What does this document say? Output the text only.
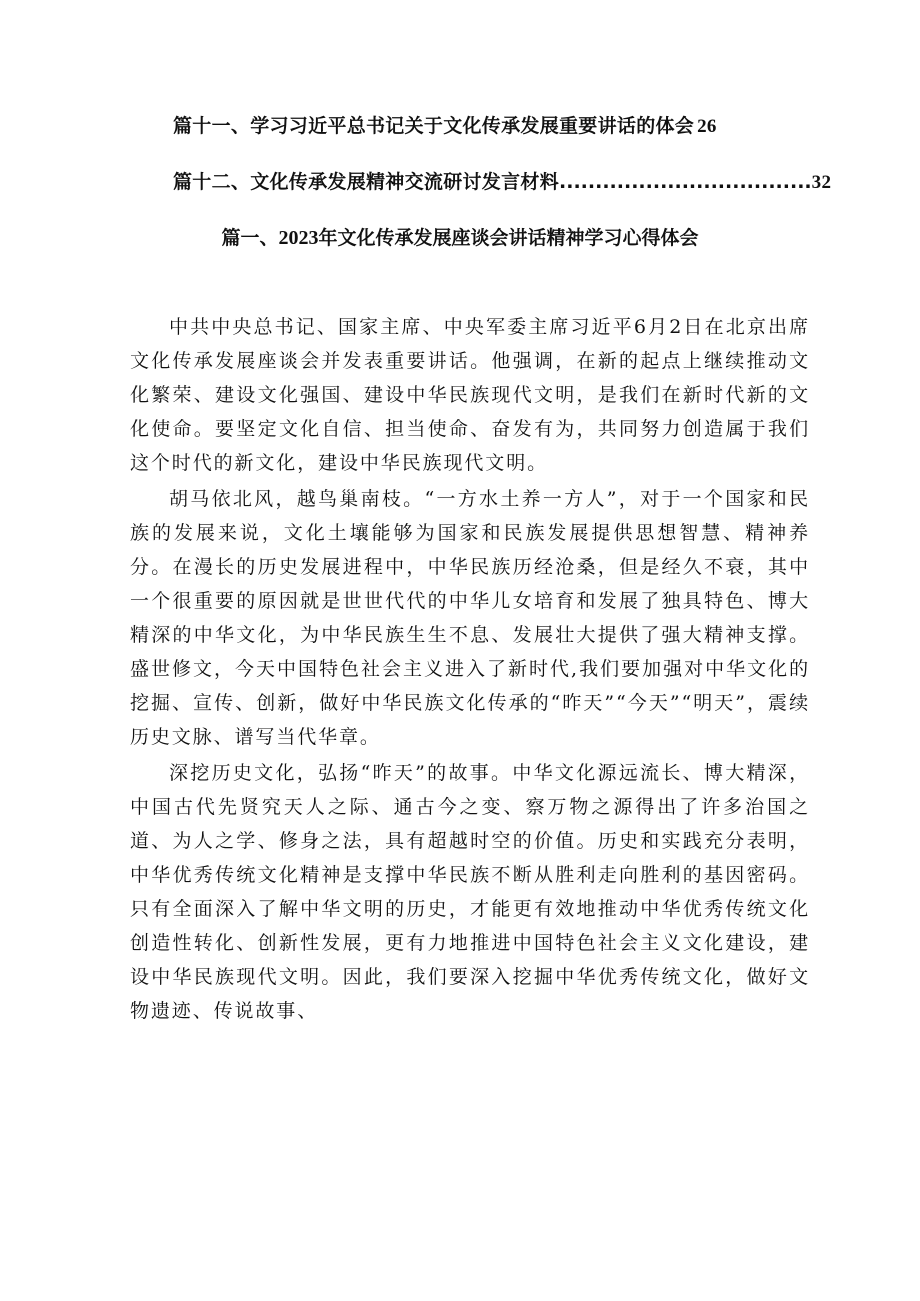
篇十一、学习习近平总书记关于文化传承发展重要讲话的体会 26
篇十二、文化传承发展精神交流研讨发言材料...................................32
篇一、2023年文化传承发展座谈会讲话精神学习心得体会

中共中央总书记、国家主席、中央军委主席习近平6月2日在北京出席文化传承发展座谈会并发表重要讲话。他强调，在新的起点上继续推动文化繁荣、建设文化强国、建设中华民族现代文明，是我们在新时代新的文化使命。要坚定文化自信、担当使命、奋发有为，共同努力创造属于我们这个时代的新文化，建设中华民族现代文明。

胡马依北风，越鸟巢南枝。“一方水土养一方人”，对于一个国家和民族的发展来说，文化土壤能够为国家和民族发展提供思想智慧、精神养分。在漫长的历史发展进程中，中华民族历经沧桑，但是经久不衰，其中一个很重要的原因就是世世代代的中华儿女培育和发展了独具特色、博大精深的中华文化，为中华民族生生不息、发展壮大提供了强大精神支撑。盛世修文，今天中国特色社会主义进入了新时代,我们要加强对中华文化的挖掘、宣传、创新，做好中华民族文化传承的“昨天”“今天”“明天”，震续历史文脉、谱写当代华章。

深挖历史文化，弘扬“昨天”的故事。中华文化源远流长、博大精深，中国古代先贤究天人之际、通古今之变、察万物之源得出了许多治国之道、为人之学、修身之法，具有超越时空的价值。历史和实践充分表明，中华优秀传统文化精神是支撑中华民族不断从胜利走向胜利的基因密码。只有全面深入了解中华文明的历史，才能更有效地推动中华优秀传统文化创造性转化、创新性发展，更有力地推进中国特色社会主义文化建设，建设中华民族现代文明。因此，我们要深入挖掘中华优秀传统文化，做好文物遗迹、传说故事、
